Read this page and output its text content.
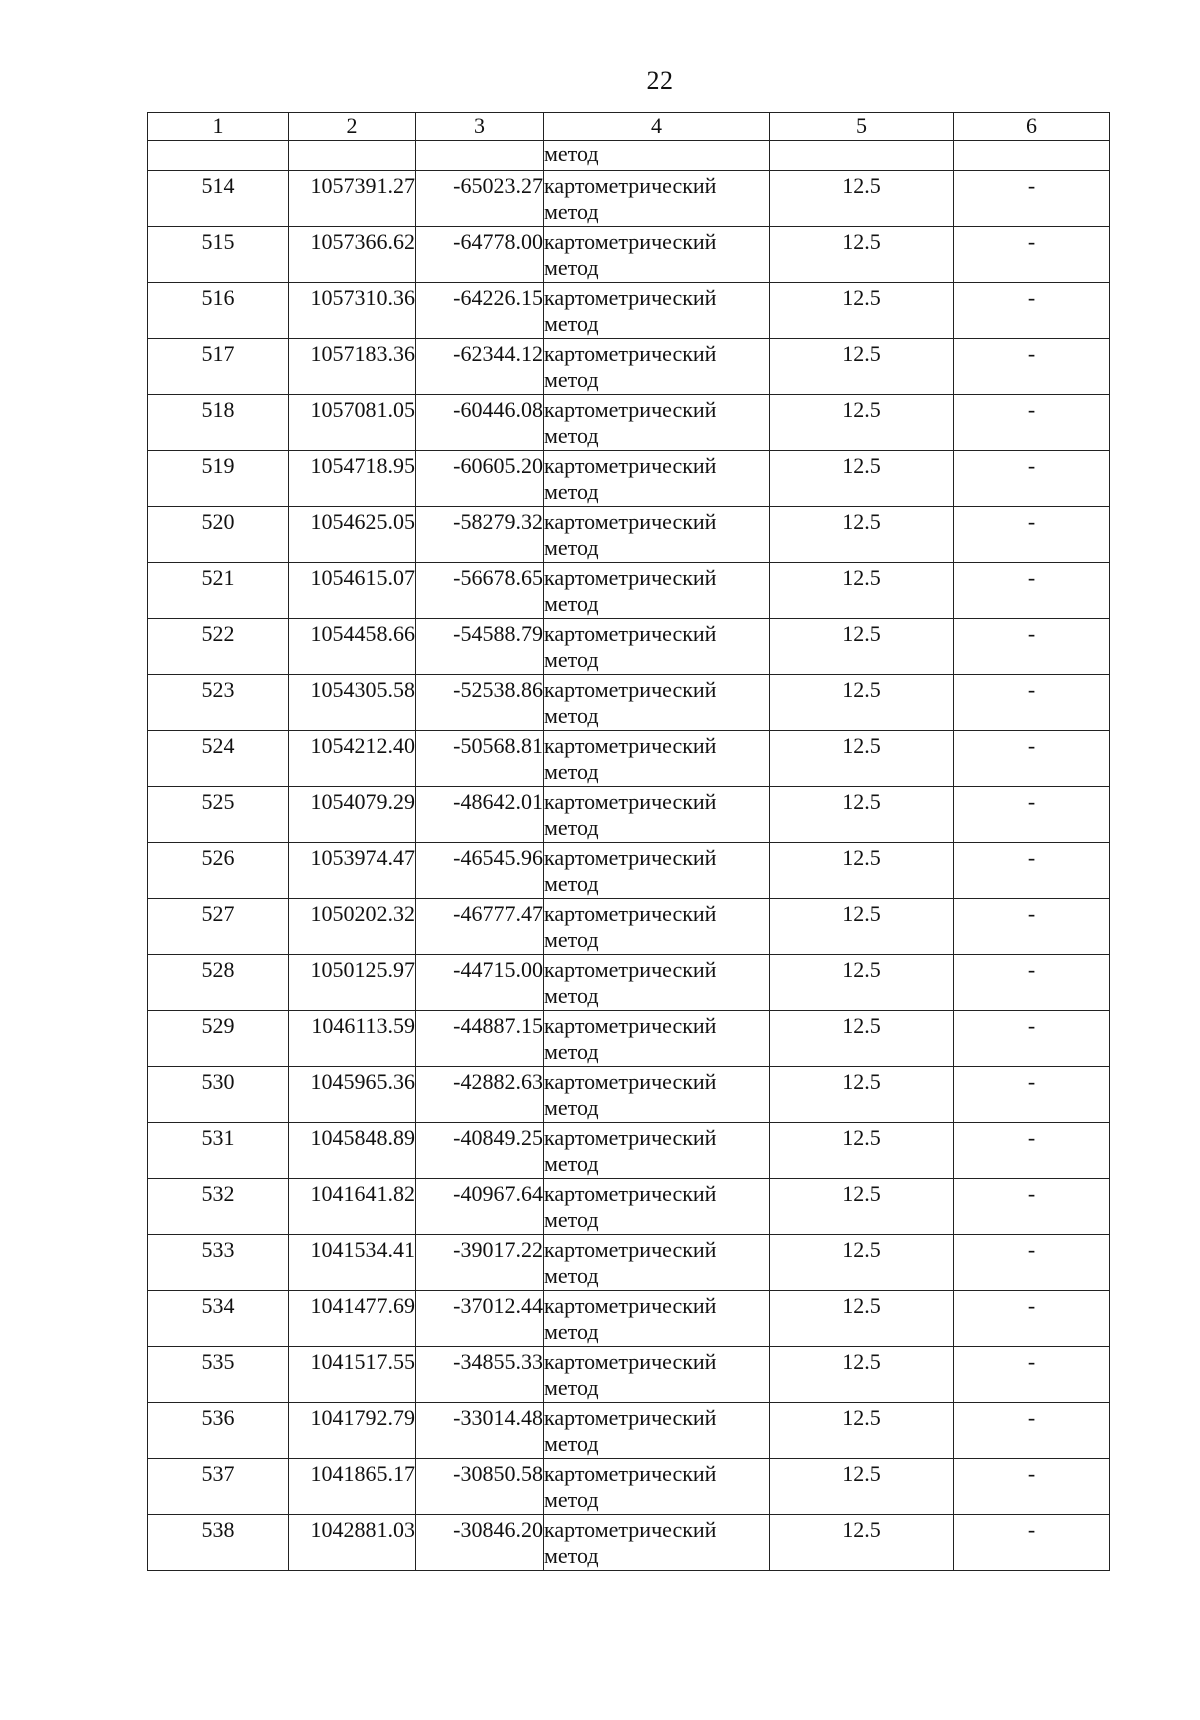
22
1	2	3	4	5	6
			метод		

514	1057391.27	-65023.27	картометрический метод	12.5	-

515	1057366.62	-64778.00	картометрический метод	12.5	-

516	1057310.36	-64226.15	картометрический метод	12.5	-

517	1057183.36	-62344.12	картометрический метод	12.5	-

518	1057081.05	-60446.08	картометрический метод	12.5	-

519	1054718.95	-60605.20	картометрический метод	12.5	-

520	1054625.05	-58279.32	картометрический метод	12.5	-

521	1054615.07	-56678.65	картометрический метод	12.5	-

522	1054458.66	-54588.79	картометрический метод	12.5	-

523	1054305.58	-52538.86	картометрический метод	12.5	-

524	1054212.40	-50568.81	картометрический метод	12.5	-

525	1054079.29	-48642.01	картометрический метод	12.5	-

526	1053974.47	-46545.96	картометрический метод	12.5	-

527	1050202.32	-46777.47	картометрический метод	12.5	-

528	1050125.97	-44715.00	картометрический метод	12.5	-

529	1046113.59	-44887.15	картометрический метод	12.5	-

530	1045965.36	-42882.63	картометрический метод	12.5	-

531	1045848.89	-40849.25	картометрический метод	12.5	-

532	1041641.82	-40967.64	картометрический метод	12.5	-

533	1041534.41	-39017.22	картометрический метод	12.5	-

534	1041477.69	-37012.44	картометрический метод	12.5	-

535	1041517.55	-34855.33	картометрический метод	12.5	-

536	1041792.79	-33014.48	картометрический метод	12.5	-

537	1041865.17	-30850.58	картометрический метод	12.5	-

538	1042881.03	-30846.20	картометрический метод	12.5	-
